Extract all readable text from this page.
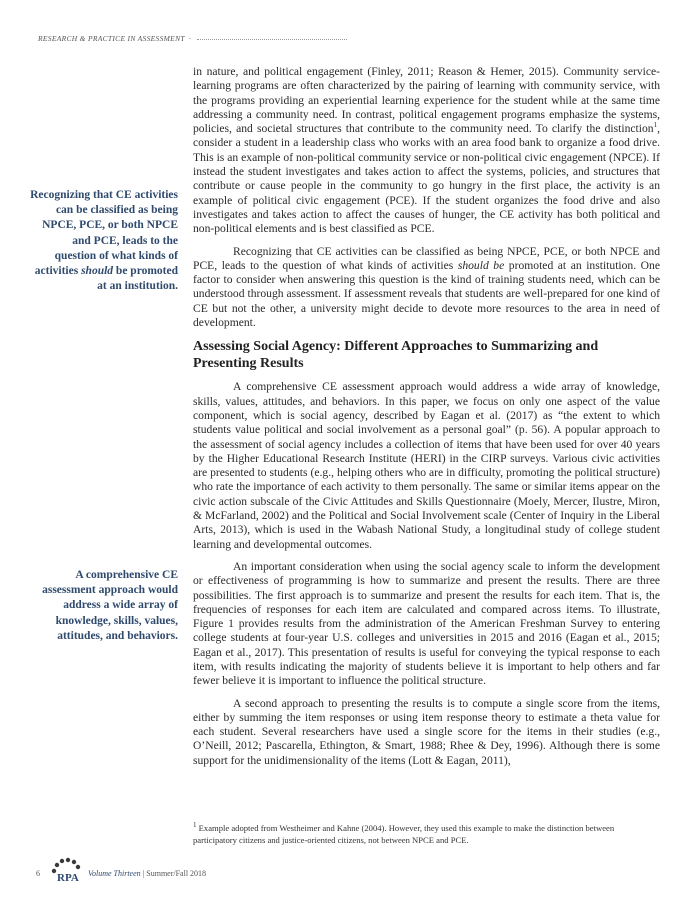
RESEARCH & PRACTICE IN ASSESSMENT ·
Recognizing that CE activities can be classified as being NPCE, PCE, or both NPCE and PCE, leads to the question of what kinds of activities should be promoted at an institution.
A comprehensive CE assessment approach would address a wide array of knowledge, skills, values, attitudes, and behaviors.

in nature, and political engagement (Finley, 2011; Reason & Hemer, 2015). Community service-learning programs are often characterized by the pairing of learning with community service, with the programs providing an experiential learning experience for the student while at the same time addressing a community need. In contrast, political engagement programs emphasize the systems, policies, and societal structures that contribute to the community need. To clarify the distinction$^1$, consider a student in a leadership class who works with an area food bank to organize a food drive. This is an example of non-political community service or non-political civic engagement (NPCE). If instead the student investigates and takes action to affect the systems, policies, and structures that contribute or cause people in the community to go hungry in the first place, the activity is an example of political civic engagement (PCE). If the student organizes the food drive and also investigates and takes action to affect the causes of hunger, the CE activity has both political and non-political elements and is best classified as PCE.

Recognizing that CE activities can be classified as being NPCE, PCE, or both NPCE and PCE, leads to the question of what kinds of activities should be promoted at an institution. One factor to consider when answering this question is the kind of training students need, which can be understood through assessment. If assessment reveals that students are well-prepared for one kind of CE but not the other, a university might decide to devote more resources to the area in need of development.

Assessing Social Agency: Different Approaches to Summarizing and Presenting Results

A comprehensive CE assessment approach would address a wide array of knowledge, skills, values, attitudes, and behaviors. In this paper, we focus on only one aspect of the value component, which is social agency, described by Eagan et al. (2017) as “the extent to which students value political and social involvement as a personal goal” (p. 56). A popular approach to the assessment of social agency includes a collection of items that have been used for over 40 years by the Higher Educational Research Institute (HERI) in the CIRP surveys. Various civic activities are presented to students (e.g., helping others who are in difficulty, promoting the political structure) who rate the importance of each activity to them personally. The same or similar items appear on the civic action subscale of the Civic Attitudes and Skills Questionnaire (Moely, Mercer, Ilustre, Miron, & McFarland, 2002) and the Political and Social Involvement scale (Center of Inquiry in the Liberal Arts, 2013), which is used in the Wabash National Study, a longitudinal study of college student learning and developmental outcomes.

An important consideration when using the social agency scale to inform the development or effectiveness of programming is how to summarize and present the results. There are three possibilities. The first approach is to summarize and present the results for each item. That is, the frequencies of responses for each item are calculated and compared across items. To illustrate, Figure 1 provides results from the administration of the American Freshman Survey to entering college students at four-year U.S. colleges and universities in 2015 and 2016 (Eagan et al., 2015; Eagan et al., 2017). This presentation of results is useful for conveying the typical response to each item, with results indicating the majority of students believe it is important to help others and far fewer believe it is important to influence the political structure.

A second approach to presenting the results is to compute a single score from the items, either by summing the item responses or using item response theory to estimate a theta value for each student. Several researchers have used a single score for the items in their studies (e.g., O’Neill, 2012; Pascarella, Ethington, & Smart, 1988; Rhee & Dey, 1996). Although there is some support for the unidimensionality of the items (Lott & Eagan, 2011),

$^1$ Example adopted from Westheimer and Kahne (2004). However, they used this example to make the distinction between participatory citizens and justice-oriented citizens, not between NPCE and PCE.
6 RPA Volume Thirteen | Summer/Fall 2018
